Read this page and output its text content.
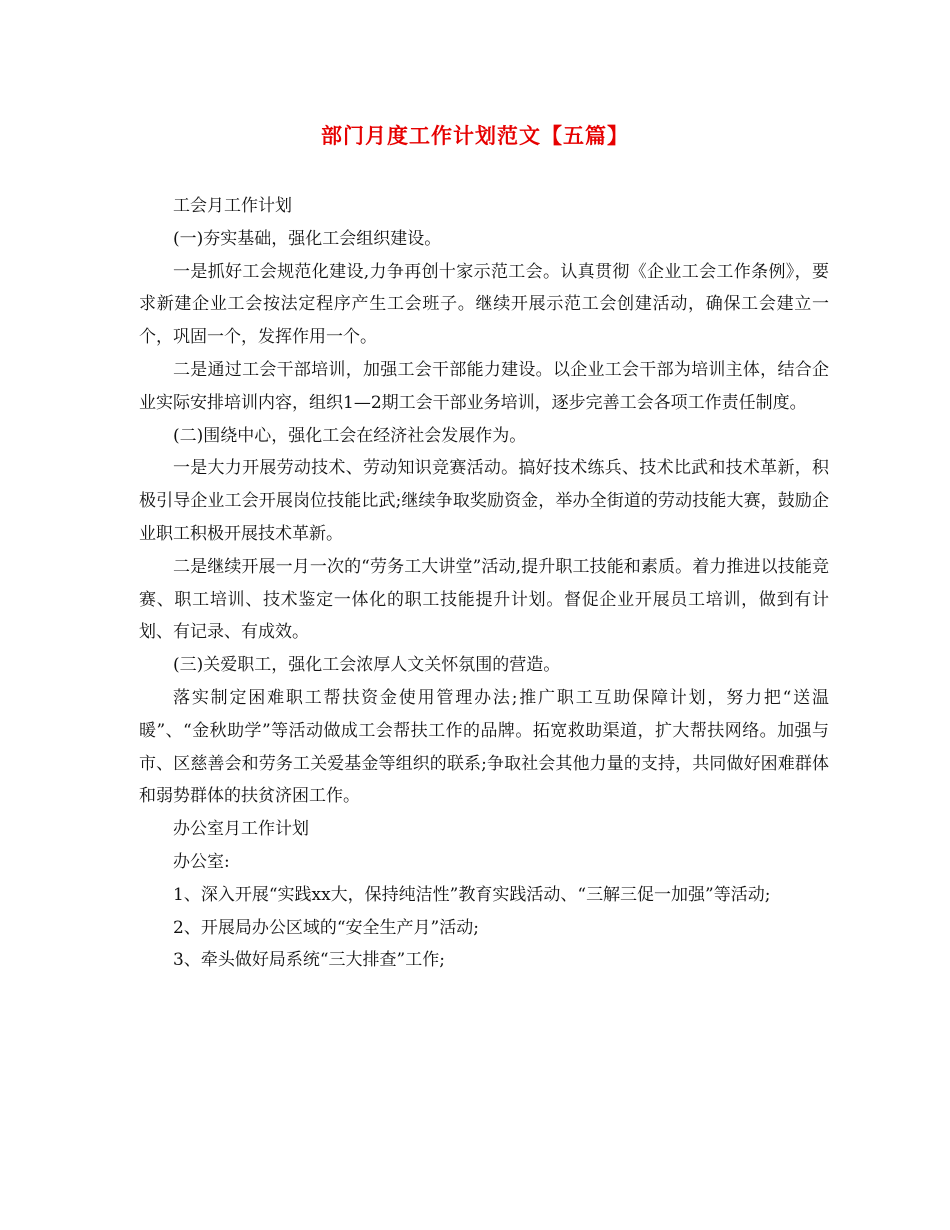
部门月度工作计划范文【五篇】

工会月工作计划

(一)夯实基础，强化工会组织建设。

一是抓好工会规范化建设,力争再创十家示范工会。认真贯彻《企业工会工作条例》，要求新建企业工会按法定程序产生工会班子。继续开展示范工会创建活动，确保工会建立一个，巩固一个，发挥作用一个。

二是通过工会干部培训，加强工会干部能力建设。以企业工会干部为培训主体，结合企业实际安排培训内容，组织1—2期工会干部业务培训，逐步完善工会各项工作责任制度。

(二)围绕中心，强化工会在经济社会发展作为。

一是大力开展劳动技术、劳动知识竞赛活动。搞好技术练兵、技术比武和技术革新，积极引导企业工会开展岗位技能比武;继续争取奖励资金，举办全街道的劳动技能大赛，鼓励企业职工积极开展技术革新。

二是继续开展一月一次的“劳务工大讲堂”活动,提升职工技能和素质。着力推进以技能竞赛、职工培训、技术鉴定一体化的职工技能提升计划。督促企业开展员工培训，做到有计划、有记录、有成效。

(三)关爱职工，强化工会浓厚人文关怀氛围的营造。

落实制定困难职工帮扶资金使用管理办法;推广职工互助保障计划，努力把“送温暖”、“金秋助学”等活动做成工会帮扶工作的品牌。拓宽救助渠道，扩大帮扶网络。加强与市、区慈善会和劳务工关爱基金等组织的联系;争取社会其他力量的支持，共同做好困难群体和弱势群体的扶贫济困工作。

办公室月工作计划

办公室:

1、深入开展“实践xx大，保持纯洁性”教育实践活动、“三解三促一加强”等活动;

2、开展局办公区域的“安全生产月”活动;

3、牵头做好局系统“三大排查”工作;
